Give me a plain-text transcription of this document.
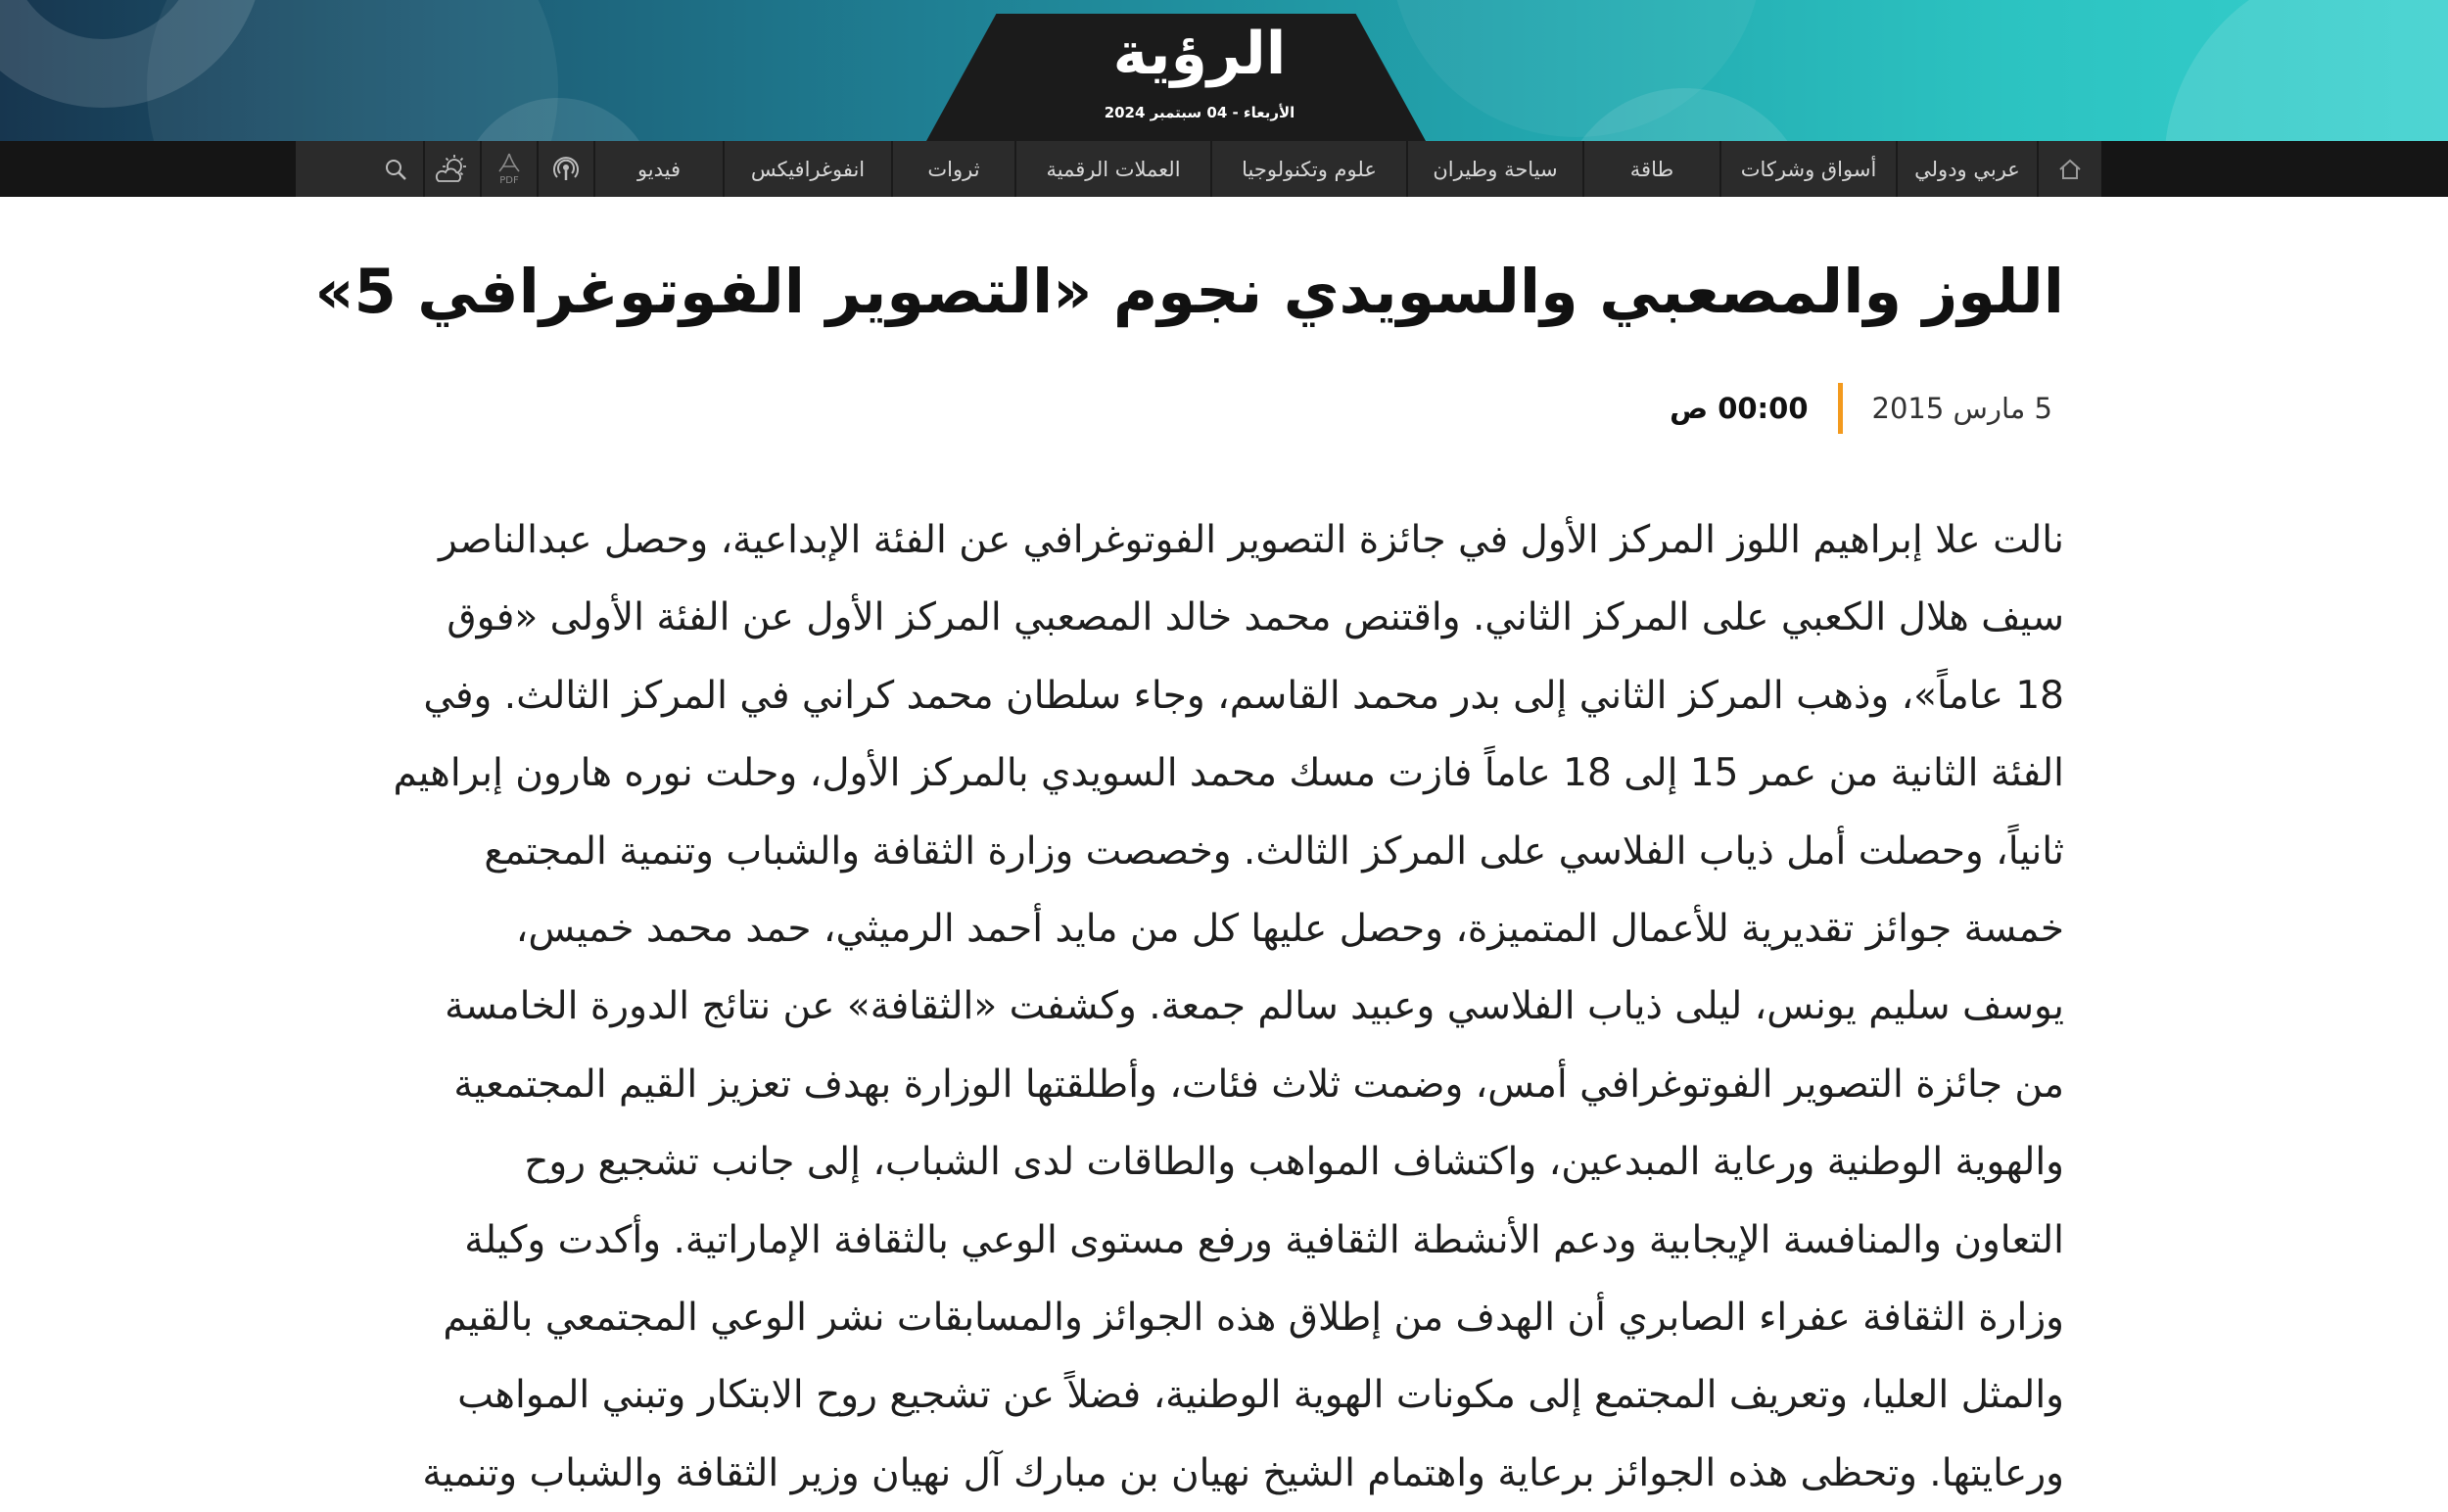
الرؤية
الأربعاء - 04 سبتمبر 2024
عربي ودولي
أسواق وشركات
طاقة
سياحة وطيران
علوم وتكنولوجيا
العملات الرقمية
ثروات
انفوغرافيكس
فيديو
PDF
اللوز والمصعبي والسويدي نجوم «التصوير الفوتوغرافي 5»
5 مارس 2015
00:00 ص
نالت علا إبراهيم اللوز المركز الأول في جائزة التصوير الفوتوغرافي عن الفئة الإبداعية، وحصل عبدالناصر
سيف هلال الكعبي على المركز الثاني. واقتنص محمد خالد المصعبي المركز الأول عن الفئة الأولى «فوق
18 عاماً»، وذهب المركز الثاني إلى بدر محمد القاسم، وجاء سلطان محمد كراني في المركز الثالث. وفي
الفئة الثانية من عمر 15 إلى 18 عاماً فازت مسك محمد السويدي بالمركز الأول، وحلت نوره هارون إبراهيم
ثانياً، وحصلت أمل ذياب الفلاسي على المركز الثالث. وخصصت وزارة الثقافة والشباب وتنمية المجتمع
خمسة جوائز تقديرية للأعمال المتميزة، وحصل عليها كل من مايد أحمد الرميثي، حمد محمد خميس،
يوسف سليم يونس، ليلى ذياب الفلاسي وعبيد سالم جمعة. وكشفت «الثقافة» عن نتائج الدورة الخامسة
من جائزة التصوير الفوتوغرافي أمس، وضمت ثلاث فئات، وأطلقتها الوزارة بهدف تعزيز القيم المجتمعية
والهوية الوطنية ورعاية المبدعين، واكتشاف المواهب والطاقات لدى الشباب، إلى جانب تشجيع روح
التعاون والمنافسة الإيجابية ودعم الأنشطة الثقافية ورفع مستوى الوعي بالثقافة الإماراتية. وأكدت وكيلة
وزارة الثقافة عفراء الصابري أن الهدف من إطلاق هذه الجوائز والمسابقات نشر الوعي المجتمعي بالقيم
والمثل العليا، وتعريف المجتمع إلى مكونات الهوية الوطنية، فضلاً عن تشجيع روح الابتكار وتبني المواهب
ورعايتها. وتحظى هذه الجوائز برعاية واهتمام الشيخ نهيان بن مبارك آل نهيان وزير الثقافة والشباب وتنمية
